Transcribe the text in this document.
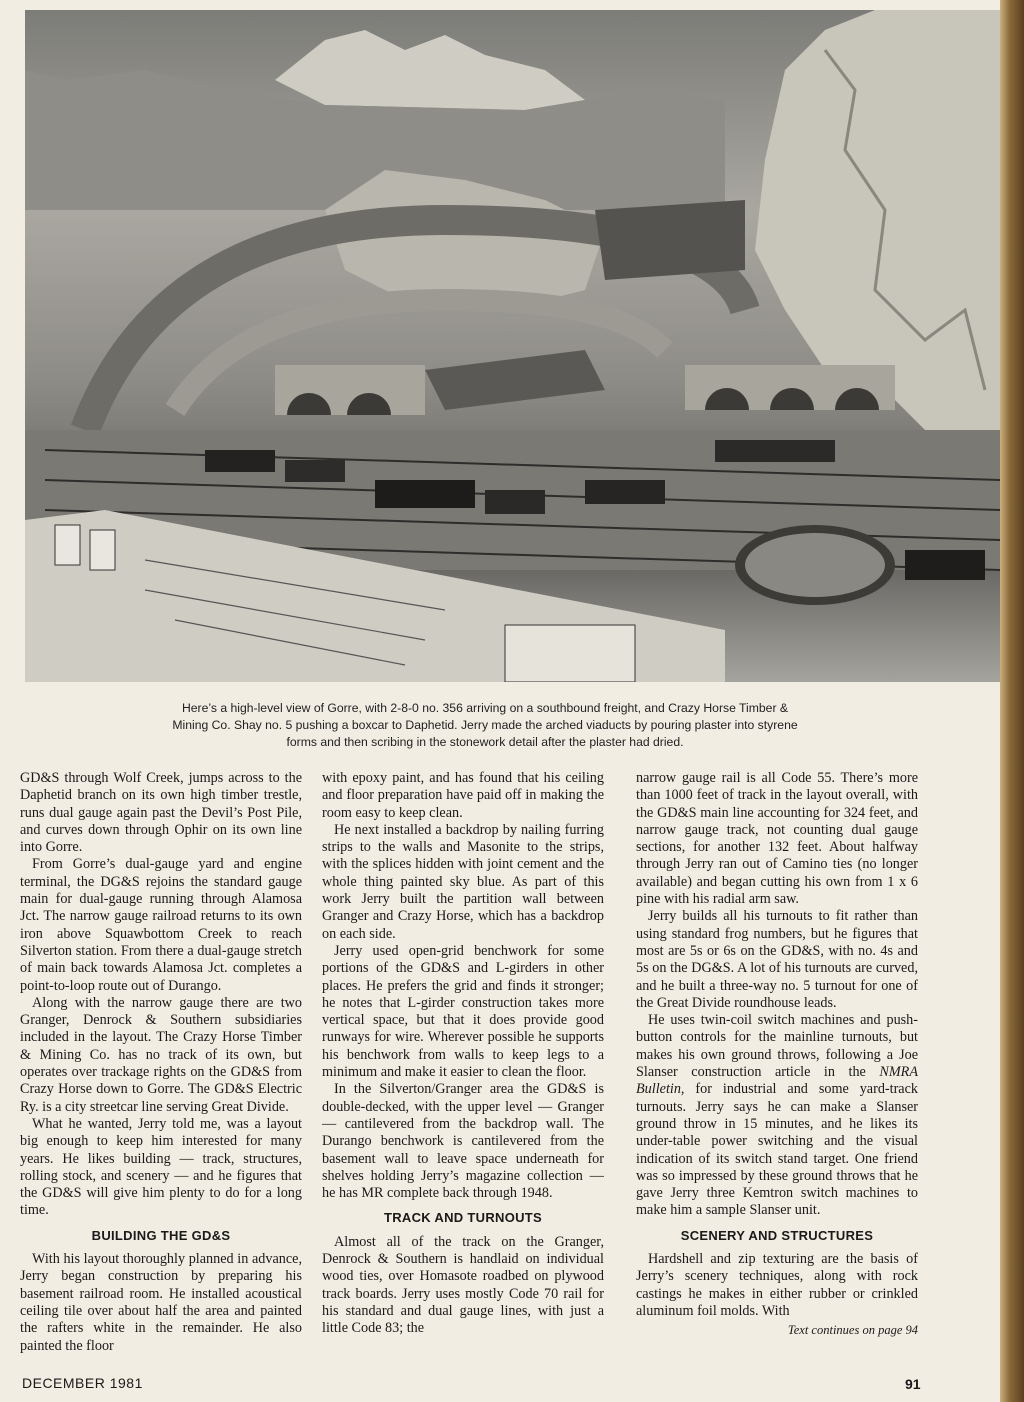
Here’s a high-level view of Gorre, with 2-8-0 no. 356 arriving on a southbound freight, and Crazy Horse Timber & Mining Co. Shay no. 5 pushing a boxcar to Daphetid. Jerry made the arched viaducts by pouring plaster into styrene forms and then scribing in the stonework detail after the plaster had dried.

GD&S through Wolf Creek, jumps across to the Daphetid branch on its own high timber trestle, runs dual gauge again past the Devil’s Post Pile, and curves down through Ophir on its own line into Gorre.

From Gorre’s dual-gauge yard and engine terminal, the DG&S rejoins the standard gauge main for dual-gauge running through Alamosa Jct. The narrow gauge railroad returns to its own iron above Squawbottom Creek to reach Silverton station. From there a dual-gauge stretch of main back towards Alamosa Jct. completes a point-to-loop route out of Durango.

Along with the narrow gauge there are two Granger, Denrock & Southern subsidiaries included in the layout. The Crazy Horse Timber & Mining Co. has no track of its own, but operates over trackage rights on the GD&S from Crazy Horse down to Gorre. The GD&S Electric Ry. is a city streetcar line serving Great Divide.

What he wanted, Jerry told me, was a layout big enough to keep him interested for many years. He likes building — track, structures, rolling stock, and scenery — and he figures that the GD&S will give him plenty to do for a long time.

BUILDING THE GD&S

With his layout thoroughly planned in advance, Jerry began construction by preparing his basement railroad room. He installed acoustical ceiling tile over about half the area and painted the rafters white in the remainder. He also painted the floor

with epoxy paint, and has found that his ceiling and floor preparation have paid off in making the room easy to keep clean.

He next installed a backdrop by nailing furring strips to the walls and Masonite to the strips, with the splices hidden with joint cement and the whole thing painted sky blue. As part of this work Jerry built the partition wall between Granger and Crazy Horse, which has a backdrop on each side.

Jerry used open-grid benchwork for some portions of the GD&S and L-girders in other places. He prefers the grid and finds it stronger; he notes that L-girder construction takes more vertical space, but that it does provide good runways for wire. Wherever possible he supports his benchwork from walls to keep legs to a minimum and make it easier to clean the floor.

In the Silverton/Granger area the GD&S is double-decked, with the upper level — Granger — cantilevered from the backdrop wall. The Durango benchwork is cantilevered from the basement wall to leave space underneath for shelves holding Jerry’s magazine collection — he has MR complete back through 1948.

TRACK AND TURNOUTS

Almost all of the track on the Granger, Denrock & Southern is handlaid on individual wood ties, over Homasote roadbed on plywood track boards. Jerry uses mostly Code 70 rail for his standard and dual gauge lines, with just a little Code 83; the

narrow gauge rail is all Code 55. There’s more than 1000 feet of track in the layout overall, with the GD&S main line accounting for 324 feet, and narrow gauge track, not counting dual gauge sections, for another 132 feet. About halfway through Jerry ran out of Camino ties (no longer available) and began cutting his own from 1 x 6 pine with his radial arm saw.

Jerry builds all his turnouts to fit rather than using standard frog numbers, but he figures that most are 5s or 6s on the GD&S, with no. 4s and 5s on the DG&S. A lot of his turnouts are curved, and he built a three-way no. 5 turnout for one of the Great Divide roundhouse leads.

He uses twin-coil switch machines and push-button controls for the mainline turnouts, but makes his own ground throws, following a Joe Slanser construction article in the NMRA Bulletin, for industrial and some yard-track turnouts. Jerry says he can make a Slanser ground throw in 15 minutes, and he likes its under-table power switching and the visual indication of its switch stand target. One friend was so impressed by these ground throws that he gave Jerry three Kemtron switch machines to make him a sample Slanser unit.

SCENERY AND STRUCTURES

Hardshell and zip texturing are the basis of Jerry’s scenery techniques, along with rock castings he makes in either rubber or crinkled aluminum foil molds. With

Text continues on page 94
DECEMBER 1981	91
